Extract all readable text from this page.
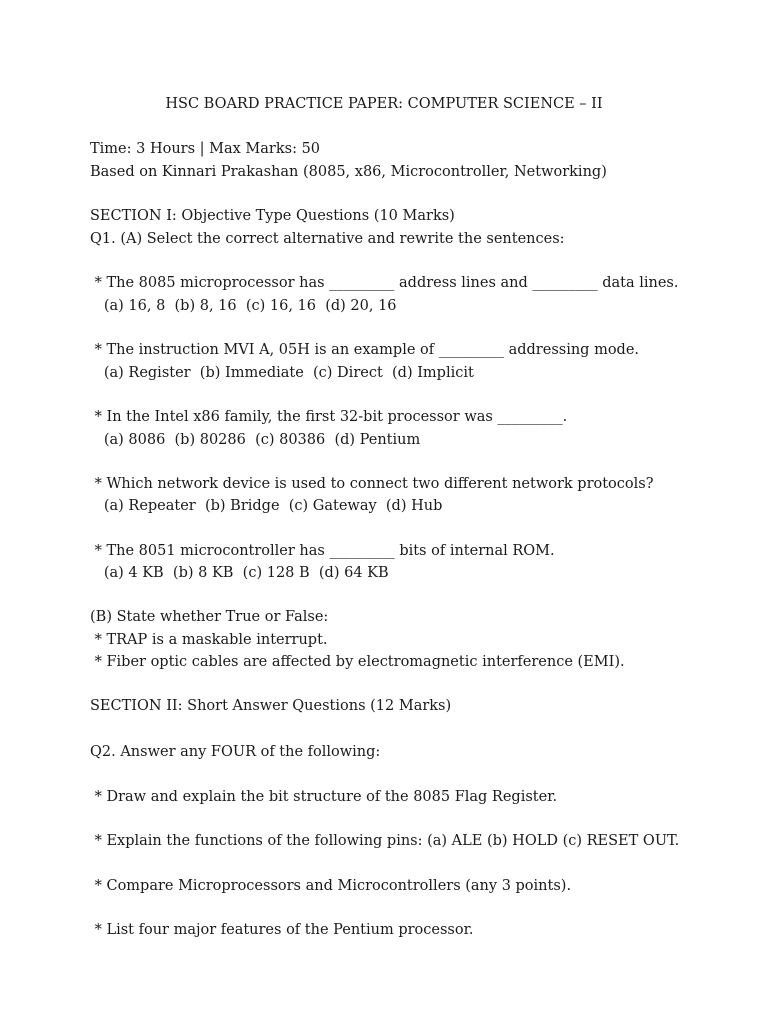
HSC BOARD PRACTICE PAPER: COMPUTER SCIENCE – II
Time: 3 Hours | Max Marks: 50
Based on Kinnari Prakashan (8085, x86, Microcontroller, Networking)
SECTION I: Objective Type Questions (10 Marks)
Q1. (A) Select the correct alternative and rewrite the sentences:
* The 8085 microprocessor has _________ address lines and _________ data lines.
(a) 16, 8  (b) 8, 16  (c) 16, 16  (d) 20, 16
* The instruction MVI A, 05H is an example of _________ addressing mode.
(a) Register  (b) Immediate  (c) Direct  (d) Implicit
* In the Intel x86 family, the first 32-bit processor was _________.
(a) 8086  (b) 80286  (c) 80386  (d) Pentium
* Which network device is used to connect two different network protocols?
(a) Repeater  (b) Bridge  (c) Gateway  (d) Hub
* The 8051 microcontroller has _________ bits of internal ROM.
(a) 4 KB  (b) 8 KB  (c) 128 B  (d) 64 KB
(B) State whether True or False:
* TRAP is a maskable interrupt.
* Fiber optic cables are affected by electromagnetic interference (EMI).
SECTION II: Short Answer Questions (12 Marks)
Q2. Answer any FOUR of the following:
* Draw and explain the bit structure of the 8085 Flag Register.
* Explain the functions of the following pins: (a) ALE (b) HOLD (c) RESET OUT.
* Compare Microprocessors and Microcontrollers (any 3 points).
* List four major features of the Pentium processor.
